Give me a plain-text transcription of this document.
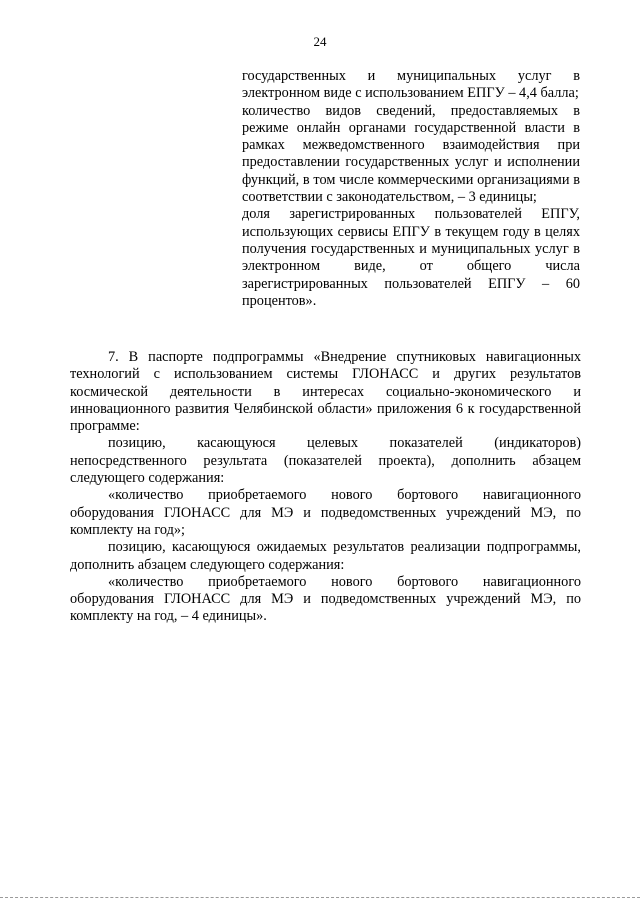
24

государственных и муниципальных услуг в электронном виде с использованием ЕПГУ – 4,4 балла;

количество видов сведений, предоставляемых в режиме онлайн органами государственной власти в рамках межведомственного взаимодействия при предоставлении государственных услуг и исполнении функций, в том числе коммерческими организациями в соответствии с законодательством, – 3 единицы;

доля зарегистрированных пользователей ЕПГУ, использующих сервисы ЕПГУ в текущем году в целях получения государственных и муниципальных услуг в электронном виде, от общего числа зарегистрированных пользователей ЕПГУ – 60 процентов».

7. В паспорте подпрограммы «Внедрение спутниковых навигационных технологий с использованием системы ГЛОНАСС и других результатов космической деятельности в интересах социально-экономического и инновационного развития Челябинской области» приложения 6 к государственной программе:

позицию, касающуюся целевых показателей (индикаторов) непосредственного результата (показателей проекта), дополнить абзацем следующего содержания:

«количество приобретаемого нового бортового навигационного оборудования ГЛОНАСС для МЭ и подведомственных учреждений МЭ, по комплекту на год»;

позицию, касающуюся ожидаемых результатов реализации подпрограммы, дополнить абзацем следующего содержания:

«количество приобретаемого нового бортового навигационного оборудования ГЛОНАСС для МЭ и подведомственных учреждений МЭ, по комплекту на год, – 4 единицы».
